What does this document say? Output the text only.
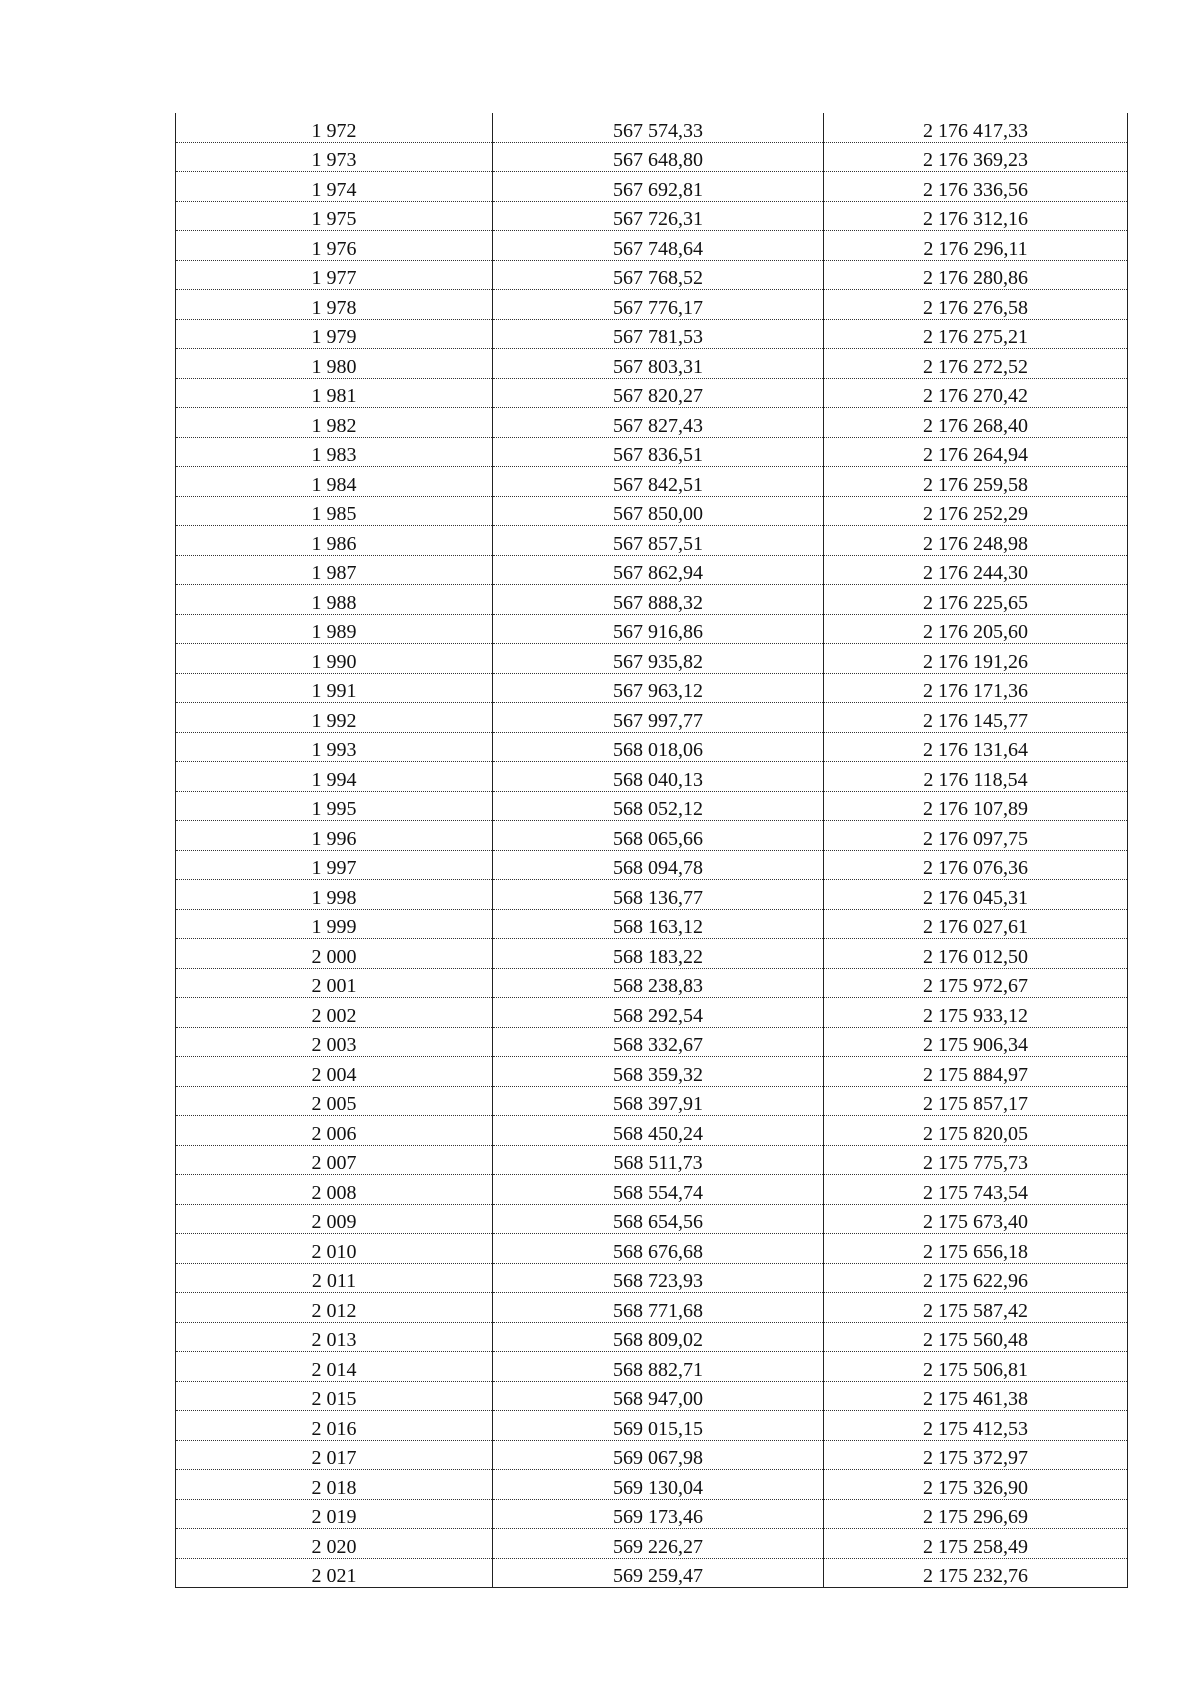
1 972	567 574,33	2 176 417,33
1 973	567 648,80	2 176 369,23
1 974	567 692,81	2 176 336,56
1 975	567 726,31	2 176 312,16
1 976	567 748,64	2 176 296,11
1 977	567 768,52	2 176 280,86
1 978	567 776,17	2 176 276,58
1 979	567 781,53	2 176 275,21
1 980	567 803,31	2 176 272,52
1 981	567 820,27	2 176 270,42
1 982	567 827,43	2 176 268,40
1 983	567 836,51	2 176 264,94
1 984	567 842,51	2 176 259,58
1 985	567 850,00	2 176 252,29
1 986	567 857,51	2 176 248,98
1 987	567 862,94	2 176 244,30
1 988	567 888,32	2 176 225,65
1 989	567 916,86	2 176 205,60
1 990	567 935,82	2 176 191,26
1 991	567 963,12	2 176 171,36
1 992	567 997,77	2 176 145,77
1 993	568 018,06	2 176 131,64
1 994	568 040,13	2 176 118,54
1 995	568 052,12	2 176 107,89
1 996	568 065,66	2 176 097,75
1 997	568 094,78	2 176 076,36
1 998	568 136,77	2 176 045,31
1 999	568 163,12	2 176 027,61
2 000	568 183,22	2 176 012,50
2 001	568 238,83	2 175 972,67
2 002	568 292,54	2 175 933,12
2 003	568 332,67	2 175 906,34
2 004	568 359,32	2 175 884,97
2 005	568 397,91	2 175 857,17
2 006	568 450,24	2 175 820,05
2 007	568 511,73	2 175 775,73
2 008	568 554,74	2 175 743,54
2 009	568 654,56	2 175 673,40
2 010	568 676,68	2 175 656,18
2 011	568 723,93	2 175 622,96
2 012	568 771,68	2 175 587,42
2 013	568 809,02	2 175 560,48
2 014	568 882,71	2 175 506,81
2 015	568 947,00	2 175 461,38
2 016	569 015,15	2 175 412,53
2 017	569 067,98	2 175 372,97
2 018	569 130,04	2 175 326,90
2 019	569 173,46	2 175 296,69
2 020	569 226,27	2 175 258,49
2 021	569 259,47	2 175 232,76
